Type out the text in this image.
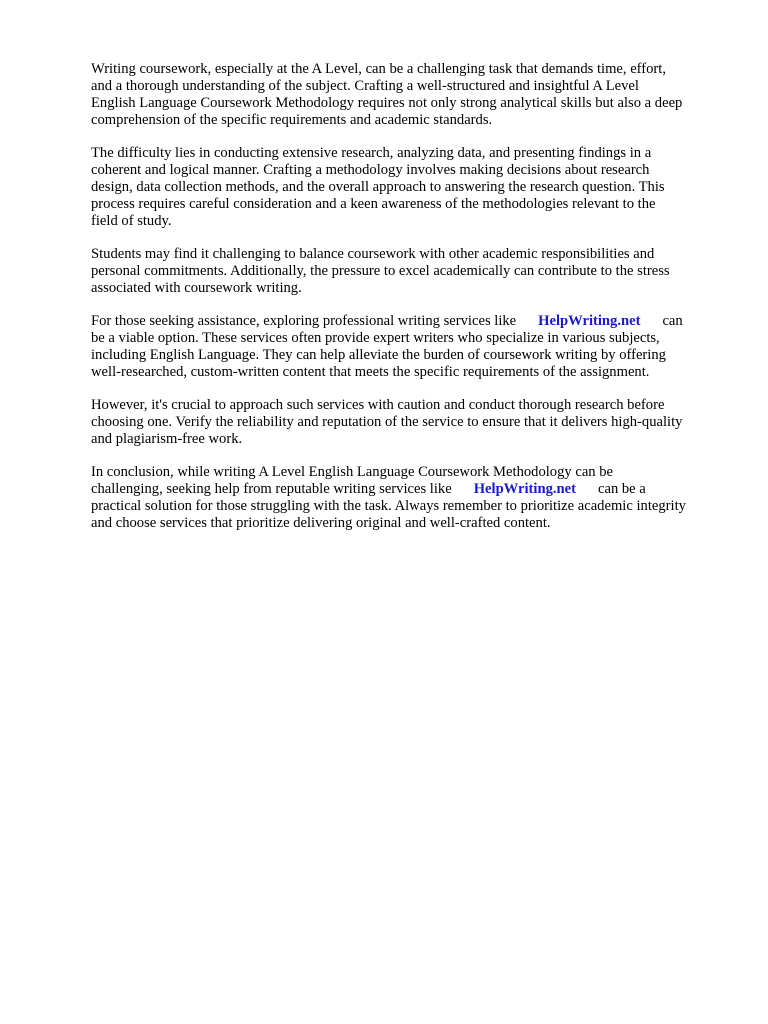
Writing coursework, especially at the A Level, can be a challenging task that demands time, effort,
and a thorough understanding of the subject. Crafting a well-structured and insightful A Level
English Language Coursework Methodology requires not only strong analytical skills but also a deep
comprehension of the specific requirements and academic standards.

The difficulty lies in conducting extensive research, analyzing data, and presenting findings in a
coherent and logical manner. Crafting a methodology involves making decisions about research
design, data collection methods, and the overall approach to answering the research question. This
process requires careful consideration and a keen awareness of the methodologies relevant to the
field of study.

Students may find it challenging to balance coursework with other academic responsibilities and
personal commitments. Additionally, the pressure to excel academically can contribute to the stress
associated with coursework writing.

For those seeking assistance, exploring professional writing services like HelpWriting.net can
be a viable option. These services often provide expert writers who specialize in various subjects,
including English Language. They can help alleviate the burden of coursework writing by offering
well-researched, custom-written content that meets the specific requirements of the assignment.

However, it's crucial to approach such services with caution and conduct thorough research before
choosing one. Verify the reliability and reputation of the service to ensure that it delivers high-quality
and plagiarism-free work.

In conclusion, while writing A Level English Language Coursework Methodology can be
challenging, seeking help from reputable writing services like HelpWriting.net can be a
practical solution for those struggling with the task. Always remember to prioritize academic integrity
and choose services that prioritize delivering original and well-crafted content.
